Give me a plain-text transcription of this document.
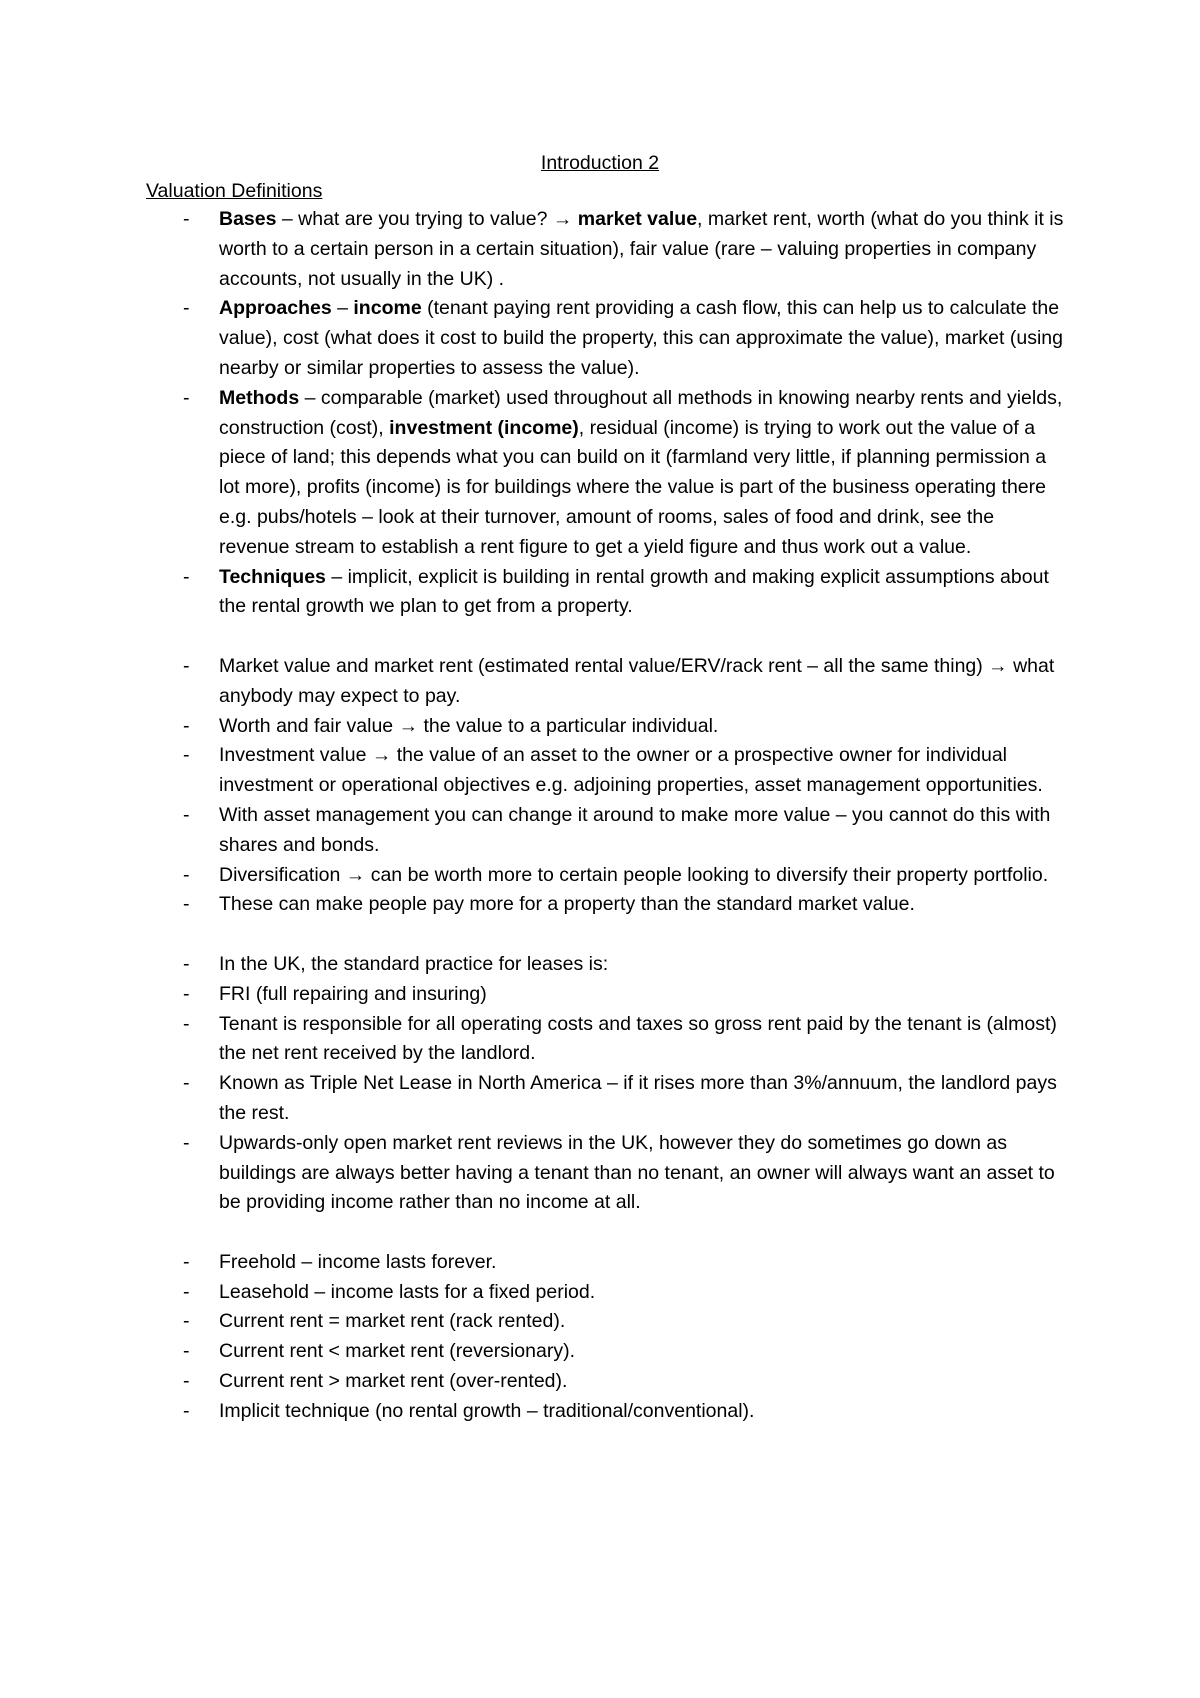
Introduction 2
Valuation Definitions
- Bases – what are you trying to value? → market value, market rent, worth (what do you think it is worth to a certain person in a certain situation), fair value (rare – valuing properties in company accounts, not usually in the UK) .
- Approaches – income (tenant paying rent providing a cash flow, this can help us to calculate the value), cost (what does it cost to build the property, this can approximate the value), market (using nearby or similar properties to assess the value).
- Methods – comparable (market) used throughout all methods in knowing nearby rents and yields, construction (cost), investment (income), residual (income) is trying to work out the value of a piece of land; this depends what you can build on it (farmland very little, if planning permission a lot more), profits (income) is for buildings where the value is part of the business operating there e.g. pubs/hotels – look at their turnover, amount of rooms, sales of food and drink, see the revenue stream to establish a rent figure to get a yield figure and thus work out a value.
- Techniques – implicit, explicit is building in rental growth and making explicit assumptions about the rental growth we plan to get from a property.
- Market value and market rent (estimated rental value/ERV/rack rent – all the same thing) → what anybody may expect to pay.
- Worth and fair value → the value to a particular individual.
- Investment value → the value of an asset to the owner or a prospective owner for individual investment or operational objectives e.g. adjoining properties, asset management opportunities.
- With asset management you can change it around to make more value – you cannot do this with shares and bonds.
- Diversification → can be worth more to certain people looking to diversify their property portfolio.
- These can make people pay more for a property than the standard market value.
- In the UK, the standard practice for leases is:
- FRI (full repairing and insuring)
- Tenant is responsible for all operating costs and taxes so gross rent paid by the tenant is (almost) the net rent received by the landlord.
- Known as Triple Net Lease in North America – if it rises more than 3%/annuum, the landlord pays the rest.
- Upwards-only open market rent reviews in the UK, however they do sometimes go down as buildings are always better having a tenant than no tenant, an owner will always want an asset to be providing income rather than no income at all.
- Freehold – income lasts forever.
- Leasehold – income lasts for a fixed period.
- Current rent = market rent (rack rented).
- Current rent < market rent (reversionary).
- Current rent > market rent (over-rented).
- Implicit technique (no rental growth – traditional/conventional).
